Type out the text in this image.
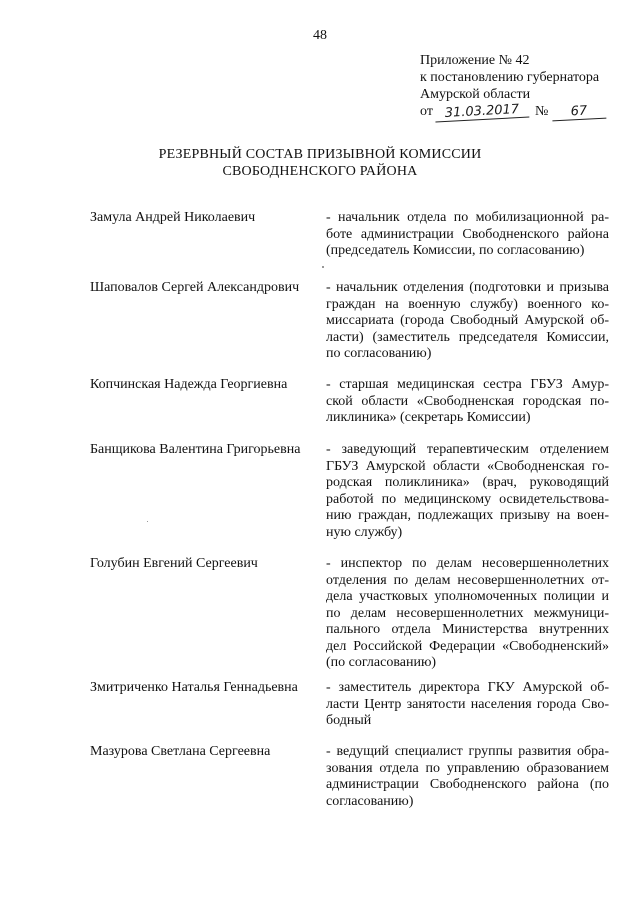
48
Приложение № 42
к постановлению губернатора
Амурской области
от 31.03.2017	№	67
РЕЗЕРВНЫЙ СОСТАВ ПРИЗЫВНОЙ КОМИССИИ
СВОБОДНЕНСКОГО РАЙОНА
Замула Андрей Николаевич	- начальник отдела по мобилизационной ра-
боте администрации Свободненского района
(председатель Комиссии, по согласованию)
Шаповалов Сергей Александрович	- начальник отделения (подготовки и призыва
граждан на военную службу) военного ко-
миссариата (города Свободный Амурской об-
ласти) (заместитель председателя Комиссии,
по согласованию)
Копчинская Надежда Георгиевна	- старшая медицинская сестра ГБУЗ Амур-
ской области «Свободненская городская по-
ликлиника» (секретарь Комиссии)
Банщикова Валентина Григорьевна	- заведующий терапевтическим отделением
ГБУЗ Амурской области «Свободненская го-
родская поликлиника» (врач, руководящий
работой по медицинскому освидетельствова-
нию граждан, подлежащих призыву на воен-
ную службу)
Голубин Евгений Сергеевич	- инспектор по делам несовершеннолетних
отделения по делам несовершеннолетних от-
дела участковых уполномоченных полиции и
по делам несовершеннолетних межмуници-
пального отдела Министерства внутренних
дел Российской Федерации «Свободненский»
(по согласованию)
Змитриченко Наталья Геннадьевна	- заместитель директора ГКУ Амурской об-
ласти Центр занятости населения города Сво-
бодный
Мазурова Светлана Сергеевна	- ведущий специалист группы развития обра-
зования отдела по управлению образованием
администрации Свободненского района (по
согласованию)
